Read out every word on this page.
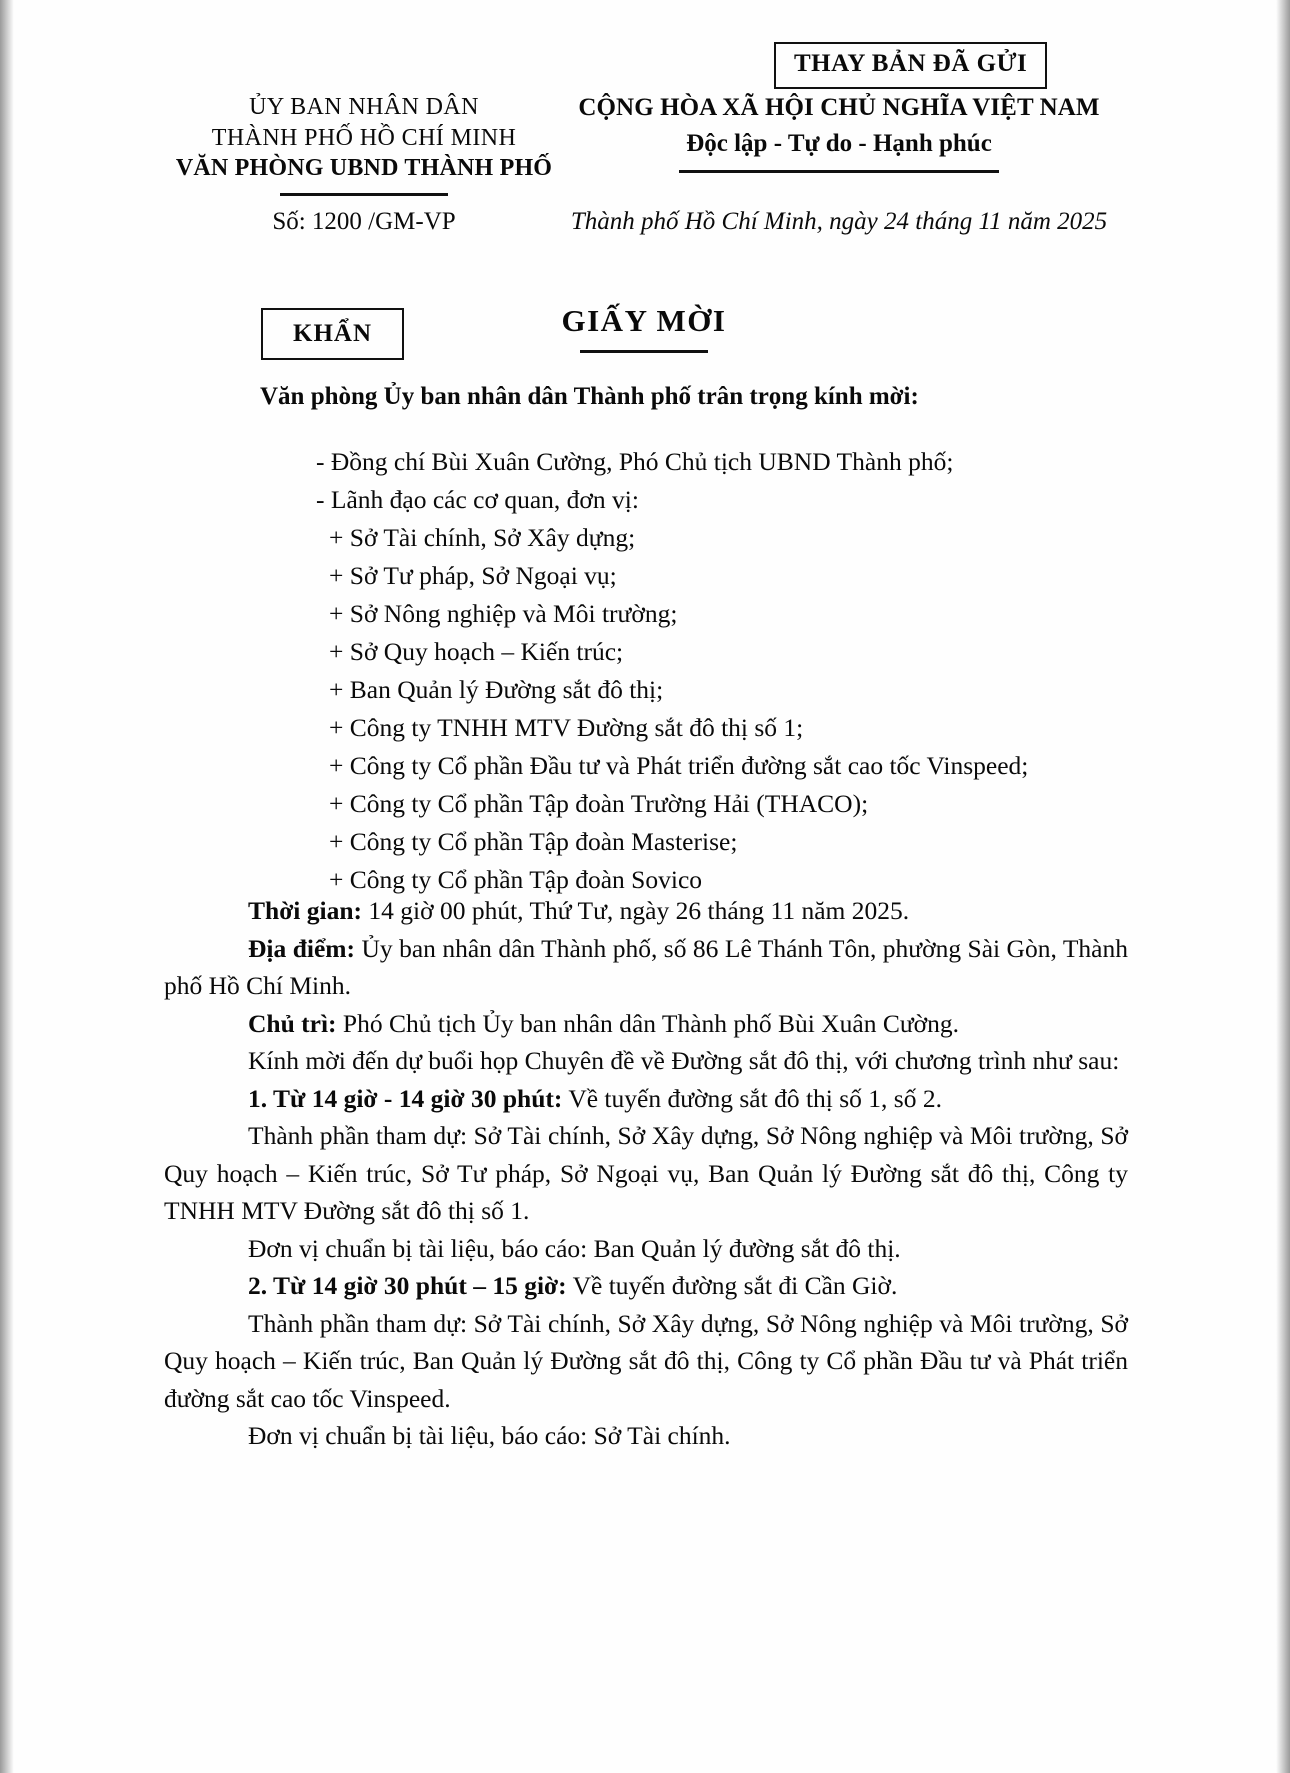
THAY BẢN ĐÃ GỬI
ỦY BAN NHÂN DÂN
THÀNH PHỐ HỒ CHÍ MINH
VĂN PHÒNG UBND THÀNH PHỐ
CỘNG HÒA XÃ HỘI CHỦ NGHĨA VIỆT NAM
Độc lập - Tự do - Hạnh phúc
Số: 1200 /GM-VP	Thành phố Hồ Chí Minh, ngày 24 tháng 11 năm 2025
KHẨN	GIẤY MỜI
Văn phòng Ủy ban nhân dân Thành phố trân trọng kính mời:
- Đồng chí Bùi Xuân Cường, Phó Chủ tịch UBND Thành phố;
- Lãnh đạo các cơ quan, đơn vị:
+ Sở Tài chính, Sở Xây dựng;
+ Sở Tư pháp, Sở Ngoại vụ;
+ Sở Nông nghiệp và Môi trường;
+ Sở Quy hoạch – Kiến trúc;
+ Ban Quản lý Đường sắt đô thị;
+ Công ty TNHH MTV Đường sắt đô thị số 1;
+ Công ty Cổ phần Đầu tư và Phát triển đường sắt cao tốc Vinspeed;
+ Công ty Cổ phần Tập đoàn Trường Hải (THACO);
+ Công ty Cổ phần Tập đoàn Masterise;
+ Công ty Cổ phần Tập đoàn Sovico

Thời gian: 14 giờ 00 phút, Thứ Tư, ngày 26 tháng 11 năm 2025.

Địa điểm: Ủy ban nhân dân Thành phố, số 86 Lê Thánh Tôn, phường Sài Gòn, Thành phố Hồ Chí Minh.

Chủ trì: Phó Chủ tịch Ủy ban nhân dân Thành phố Bùi Xuân Cường.

Kính mời đến dự buổi họp Chuyên đề về Đường sắt đô thị, với chương trình như sau:

1. Từ 14 giờ - 14 giờ 30 phút: Về tuyến đường sắt đô thị số 1, số 2.

Thành phần tham dự: Sở Tài chính, Sở Xây dựng, Sở Nông nghiệp và Môi trường, Sở Quy hoạch – Kiến trúc, Sở Tư pháp, Sở Ngoại vụ, Ban Quản lý Đường sắt đô thị, Công ty TNHH MTV Đường sắt đô thị số 1.

Đơn vị chuẩn bị tài liệu, báo cáo: Ban Quản lý đường sắt đô thị.

2. Từ 14 giờ 30 phút – 15 giờ: Về tuyến đường sắt đi Cần Giờ.

Thành phần tham dự: Sở Tài chính, Sở Xây dựng, Sở Nông nghiệp và Môi trường, Sở Quy hoạch – Kiến trúc, Ban Quản lý Đường sắt đô thị, Công ty Cổ phần Đầu tư và Phát triển đường sắt cao tốc Vinspeed.

Đơn vị chuẩn bị tài liệu, báo cáo: Sở Tài chính.
